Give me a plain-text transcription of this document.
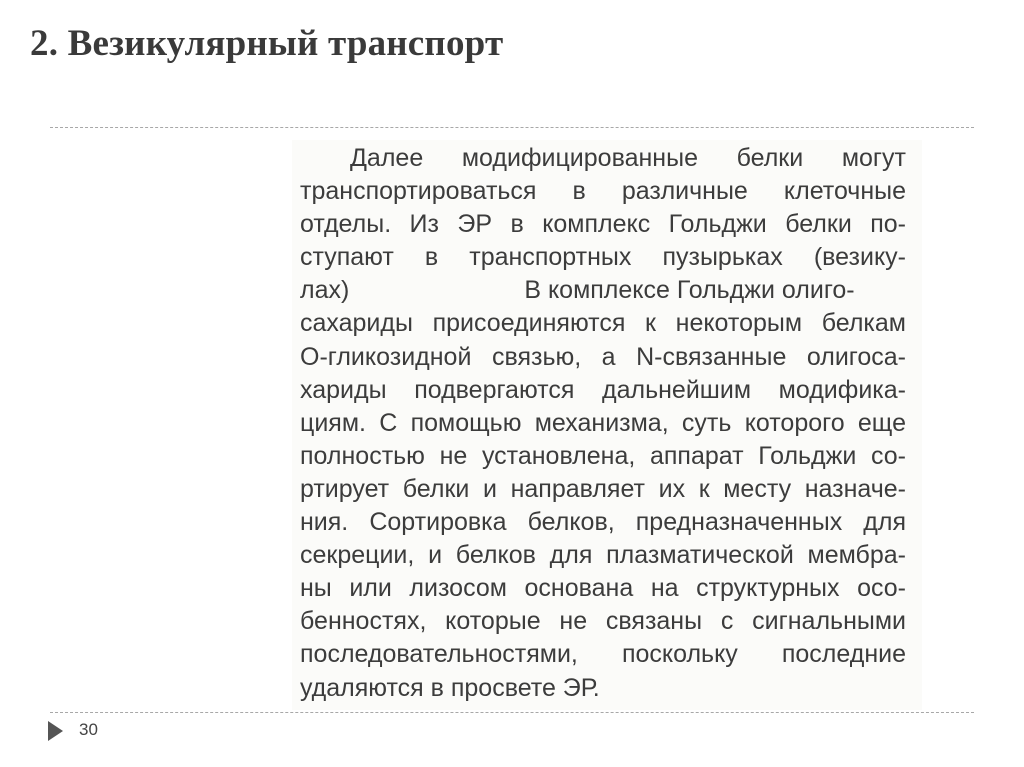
2. Везикулярный транспорт
Далее модифицированные белки могут
транспортироваться в различные клеточные
отделы. Из ЭР в комплекс Гольджи белки по-
ступают в транспортных пузырьках (везику-
лах)	В комплексе Гольджи олиго-
сахариды присоединяются к некоторым белкам
О-гликозидной связью, а N-связанные олигоса-
хариды подвергаются дальнейшим модифика-
циям. С помощью механизма, суть которого еще
полностью не установлена, аппарат Гольджи со-
ртирует белки и направляет их к месту назначе-
ния. Сортировка белков, предназначенных для
секреции, и белков для плазматической мембра-
ны или лизосом основана на структурных осо-
бенностях, которые не связаны с сигнальными
последовательностями, поскольку последние
удаляются в просвете ЭР.
30
